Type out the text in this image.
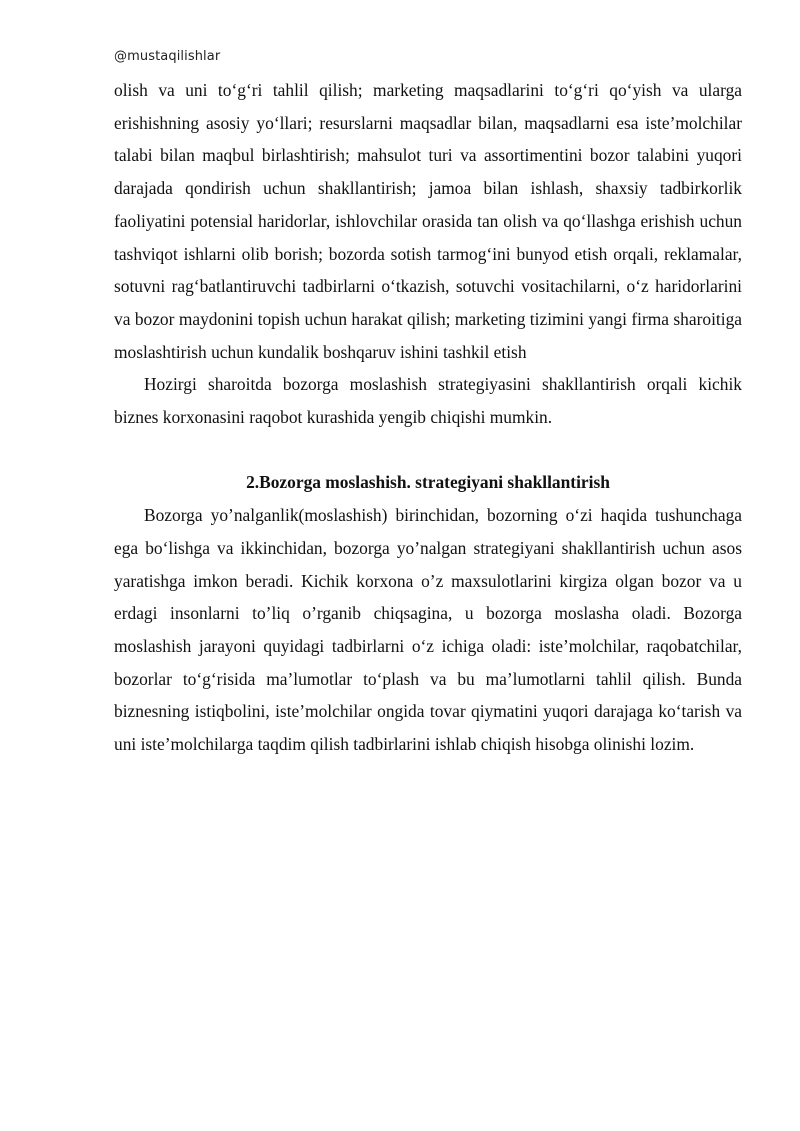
@mustaqilishlar

olish va uni to‘g‘ri tahlil qilish; marketing maqsadlarini to‘g‘ri qo‘yish va ularga erishishning asosiy yo‘llari; resurslarni maqsadlar bilan, maqsadlarni esa iste’molchilar talabi bilan maqbul birlashtirish; mahsulot turi va assortimentini bozor talabini yuqori darajada qondirish uchun shakllantirish; jamoa bilan ishlash, shaxsiy tadbirkorlik faoliyatini potensial haridorlar, ishlovchilar orasida tan olish va qo‘llashga erishish uchun tashviqot ishlarni olib borish; bozorda sotish tarmog‘ini bunyod etish orqali, reklamalar, sotuvni rag‘batlantiruvchi tadbirlarni o‘tkazish, sotuvchi vositachilarni, o‘z haridorlarini va bozor maydonini topish uchun harakat qilish; marketing tizimini yangi firma sharoitiga moslashtirish uchun kundalik boshqaruv ishini tashkil etish

Hozirgi sharoitda bozorga moslashish strategiyasini shakllantirish orqali kichik biznes korxonasini raqobot kurashida yengib chiqishi mumkin.

2.Bozorga moslashish. strategiyani shakllantirish

Bozorga yo’nalganlik(moslashish) birinchidan, bozorning o‘zi haqida tushunchaga ega bo‘lishga va ikkinchidan, bozorga yo’nalgan strategiyani shakllantirish uchun asos yaratishga imkon beradi. Kichik korxona o’z maxsulotlarini kirgiza olgan bozor va u erdagi insonlarni to’liq o’rganib chiqsagina, u bozorga moslasha oladi. Bozorga moslashish jarayoni quyidagi tadbirlarni o‘z ichiga oladi: iste’molchilar, raqobatchilar, bozorlar to‘g‘risida ma’lumotlar to‘plash va bu ma’lumotlarni tahlil qilish. Bunda biznesning istiqbolini, iste’molchilar ongida tovar qiymatini yuqori darajaga ko‘tarish va uni iste’molchilarga taqdim qilish tadbirlarini ishlab chiqish hisobga olinishi lozim.
